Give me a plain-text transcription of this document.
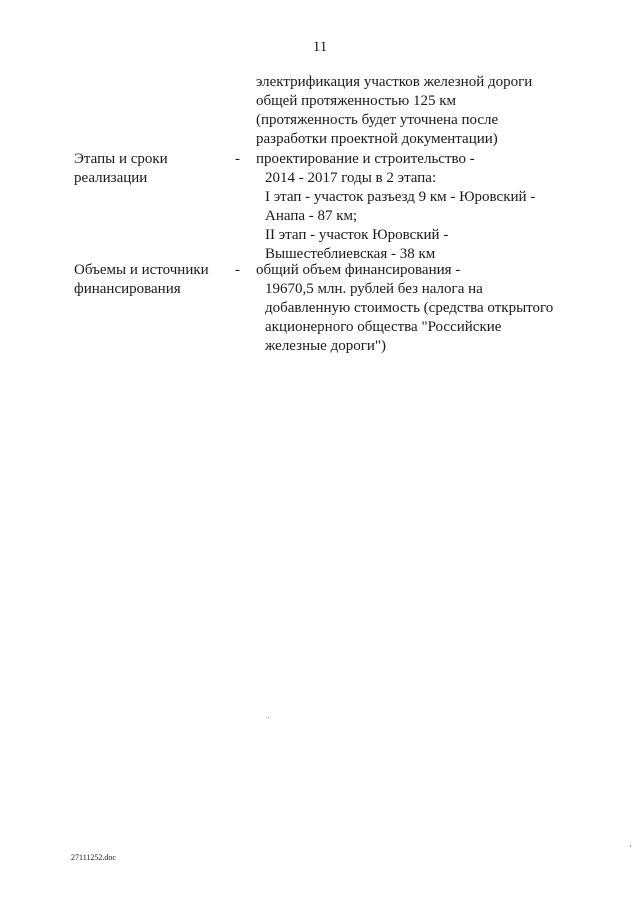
11
электрификация участков железной дороги
общей протяженностью 125 км
(протяженность будет уточнена после
разработки проектной документации)
Этапы и сроки
реализации
-	проектирование и строительство -
2014 - 2017 годы в 2 этапа:
I этап - участок разъезд 9 км - Юровский -
Анапа - 87 км;
II этап - участок Юровский -
Вышестеблиевская - 38 км
Объемы и источники
финансирования
-	общий объем финансирования -
19670,5 млн. рублей без налога на
добавленную стоимость (средства открытого
акционерного общества "Российские
железные дороги")
27111252.doc
